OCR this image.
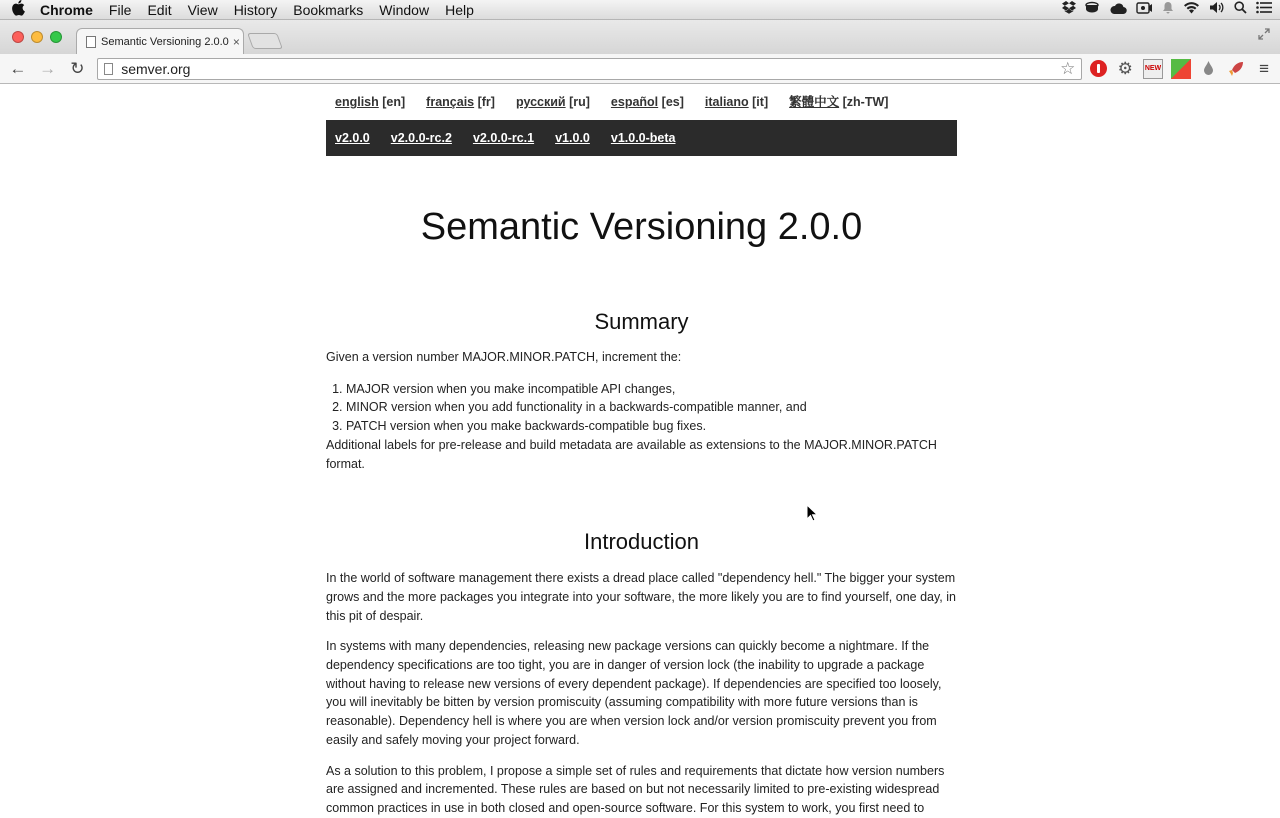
Chrome	File	Edit	View	History	Bookmarks	Window	Help
Semantic Versioning 2.0.0 ×
← → ↻	semver.org	☆ ⚙	NEW	≡
english [en] français [fr] русский [ru] español [es] italiano [it] 繁體中文 [zh-TW]
v2.0.0 v2.0.0-rc.2 v2.0.0-rc.1 v1.0.0 v1.0.0-beta
Semantic Versioning 2.0.0
Summary

Given a version number MAJOR.MINOR.PATCH, increment the:

1. MAJOR version when you make incompatible API changes,
2. MINOR version when you add functionality in a backwards-compatible manner, and
3. PATCH version when you make backwards-compatible bug fixes.

Additional labels for pre-release and build metadata are available as extensions to the MAJOR.MINOR.PATCH format.

Introduction

In the world of software management there exists a dread place called "dependency hell." The bigger your system grows and the more packages you integrate into your software, the more likely you are to find yourself, one day, in this pit of despair.

In systems with many dependencies, releasing new package versions can quickly become a nightmare. If the dependency specifications are too tight, you are in danger of version lock (the inability to upgrade a package without having to release new versions of every dependent package). If dependencies are specified too loosely, you will inevitably be bitten by version promiscuity (assuming compatibility with more future versions than is reasonable). Dependency hell is where you are when version lock and/or version promiscuity prevent you from easily and safely moving your project forward.

As a solution to this problem, I propose a simple set of rules and requirements that dictate how version numbers are assigned and incremented. These rules are based on but not necessarily limited to pre-existing widespread common practices in use in both closed and open-source software. For this system to work, you first need to
